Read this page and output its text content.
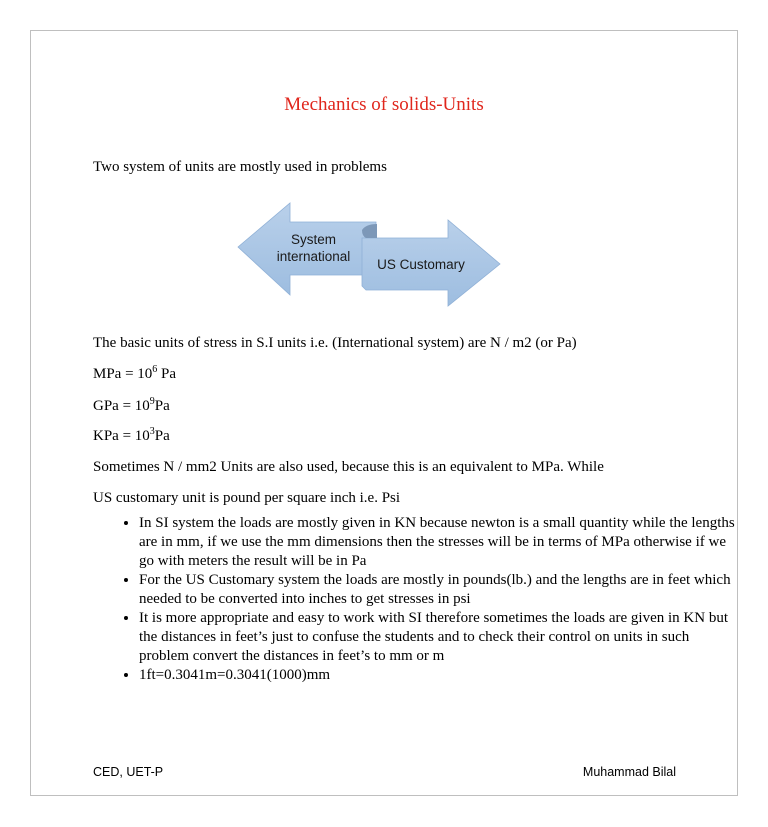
Mechanics of solids-Units
Two system of units are mostly used in problems
System
international
US Customary
The basic units of stress in S.I units i.e. (International system) are N / m2 (or Pa)
MPa = $10^6$ Pa
GPa = $10^9Pa$
KPa = $10^3Pa$
Sometimes N / mm2 Units are also used, because this is an equivalent to MPa. While
US customary unit is pound per square inch i.e. Psi
• In SI system the loads are mostly given in KN because newton is a small quantity while the lengths are in mm, if we use the mm dimensions then the stresses will be in terms of MPa otherwise if we go with meters the result will be in Pa
• For the US Customary system the loads are mostly in pounds(lb.) and the lengths are in feet which needed to be converted into inches to get stresses in psi
• It is more appropriate and easy to work with SI therefore sometimes the loads are given in KN but the distances in feet’s just to confuse the students and to check their control on units in such problem convert the distances in feet’s to mm or m
• 1ft=0.3041m=0.3041(1000)mm
CED, UET-P	Muhammad Bilal
